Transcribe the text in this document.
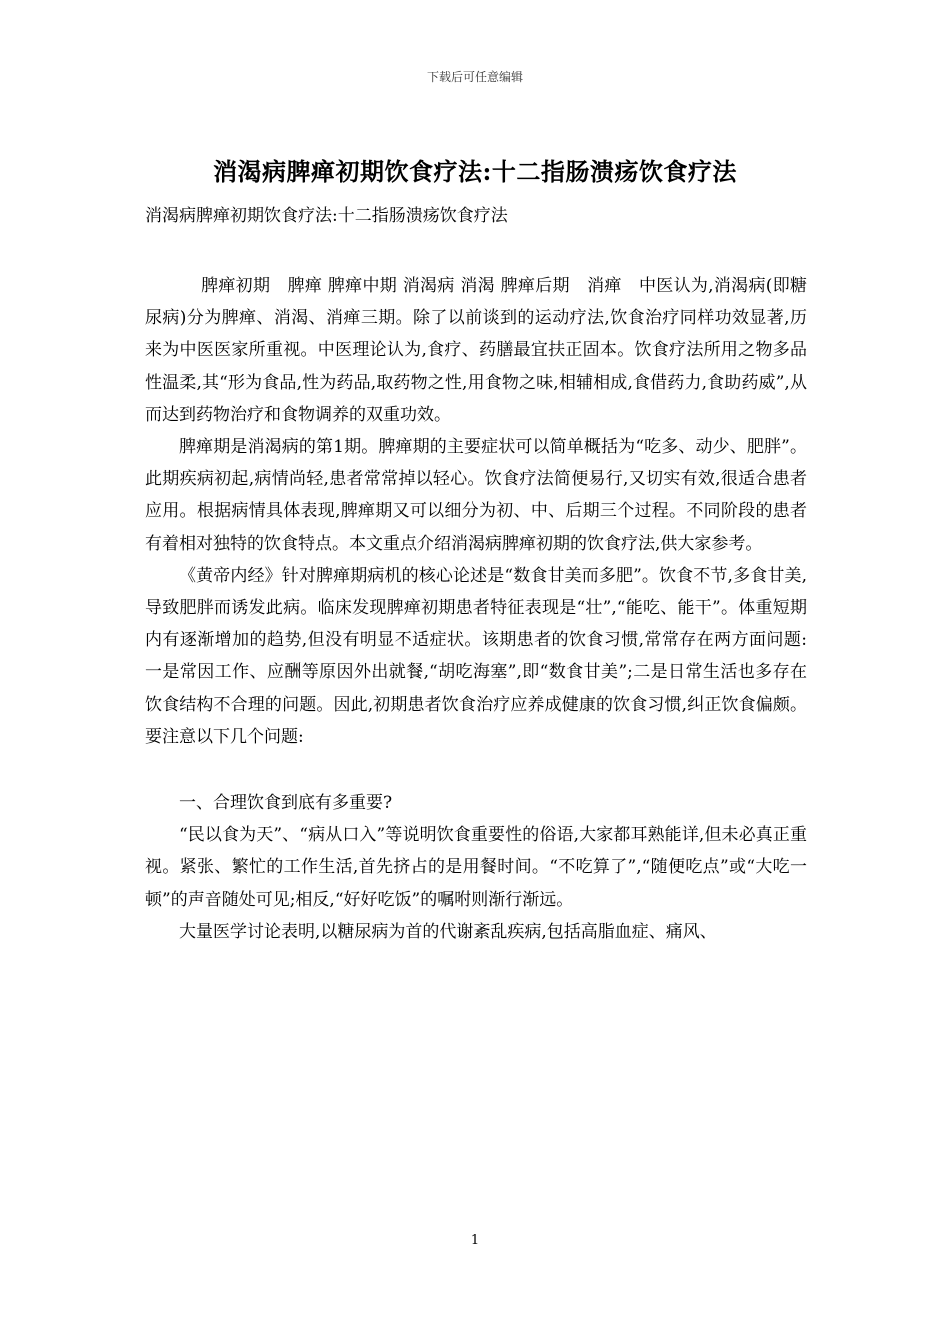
下载后可任意编辑
消渴病脾瘅初期饮食疗法:十二指肠溃疡饮食疗法
消渴病脾瘅初期饮食疗法:十二指肠溃疡饮食疗法

脾瘅初期　脾瘅 脾瘅中期 消渴病 消渴 脾瘅后期　消瘅　中医认为,消渴病(即糖尿病)分为脾瘅、消渴、消瘅三期。除了以前谈到的运动疗法,饮食治疗同样功效显著,历来为中医医家所重视。中医理论认为,食疗、药膳最宜扶正固本。饮食疗法所用之物多品性温柔,其“形为食品,性为药品,取药物之性,用食物之味,相辅相成,食借药力,食助药威”,从而达到药物治疗和食物调养的双重功效。

脾瘅期是消渴病的第1期。脾瘅期的主要症状可以简单概括为“吃多、动少、肥胖”。此期疾病初起,病情尚轻,患者常常掉以轻心。饮食疗法简便易行,又切实有效,很适合患者应用。根据病情具体表现,脾瘅期又可以细分为初、中、后期三个过程。不同阶段的患者有着相对独特的饮食特点。本文重点介绍消渴病脾瘅初期的饮食疗法,供大家参考。

《黄帝内经》针对脾瘅期病机的核心论述是“数食甘美而多肥”。饮食不节,多食甘美,导致肥胖而诱发此病。临床发现脾瘅初期患者特征表现是“壮”,“能吃、能干”。体重短期内有逐渐增加的趋势,但没有明显不适症状。该期患者的饮食习惯,常常存在两方面问题:一是常因工作、应酬等原因外出就餐,“胡吃海塞”,即“数食甘美”;二是日常生活也多存在饮食结构不合理的问题。因此,初期患者饮食治疗应养成健康的饮食习惯,纠正饮食偏颇。要注意以下几个问题:

一、合理饮食到底有多重要?

“民以食为天”、“病从口入”等说明饮食重要性的俗语,大家都耳熟能详,但未必真正重视。紧张、繁忙的工作生活,首先挤占的是用餐时间。“不吃算了”,“随便吃点”或“大吃一顿”的声音随处可见;相反,“好好吃饭”的嘱咐则渐行渐远。

大量医学讨论表明,以糖尿病为首的代谢紊乱疾病,包括高脂血症、痛风、

1
